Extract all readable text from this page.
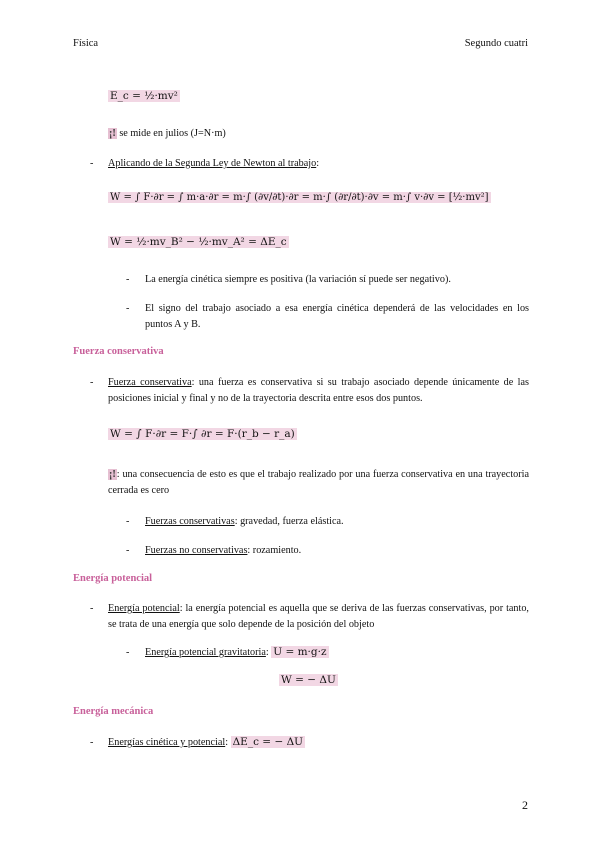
Física	Segundo cuatri
E_c = ½·mv²
¡! se mide en julios (J=N·m)
- Aplicando de la Segunda Ley de Newton al trabajo:
W = ∫ F·∂r = ∫ m·a·∂r = m·∫ (∂v/∂t)·∂r = m·∫ (∂r/∂t)·∂v = m·∫ v·∂v = [½·mv²]
W = ½·mv_B² − ½·mv_A² = ΔE_c
- La energía cinética siempre es positiva (la variación sí puede ser negativo).
- El signo del trabajo asociado a esa energía cinética dependerá de las velocidades en los puntos A y B.
Fuerza conservativa
- Fuerza conservativa: una fuerza es conservativa si su trabajo asociado depende únicamente de las posiciones inicial y final y no de la trayectoria descrita entre esos dos puntos.
W = ∫ F·∂r = F·∫ ∂r = F·(r_b − r_a)
¡!: una consecuencia de esto es que el trabajo realizado por una fuerza conservativa en una trayectoria cerrada es cero
- Fuerzas conservativas: gravedad, fuerza elástica.
- Fuerzas no conservativas: rozamiento.
Energía potencial
- Energía potencial: la energía potencial es aquella que se deriva de las fuerzas conservativas, por tanto, se trata de una energía que solo depende de la posición del objeto
- Energía potencial gravitatoria: U = m·g·z
W = − ΔU
Energía mecánica
- Energías cinética y potencial: ΔE_c = − ΔU
2
